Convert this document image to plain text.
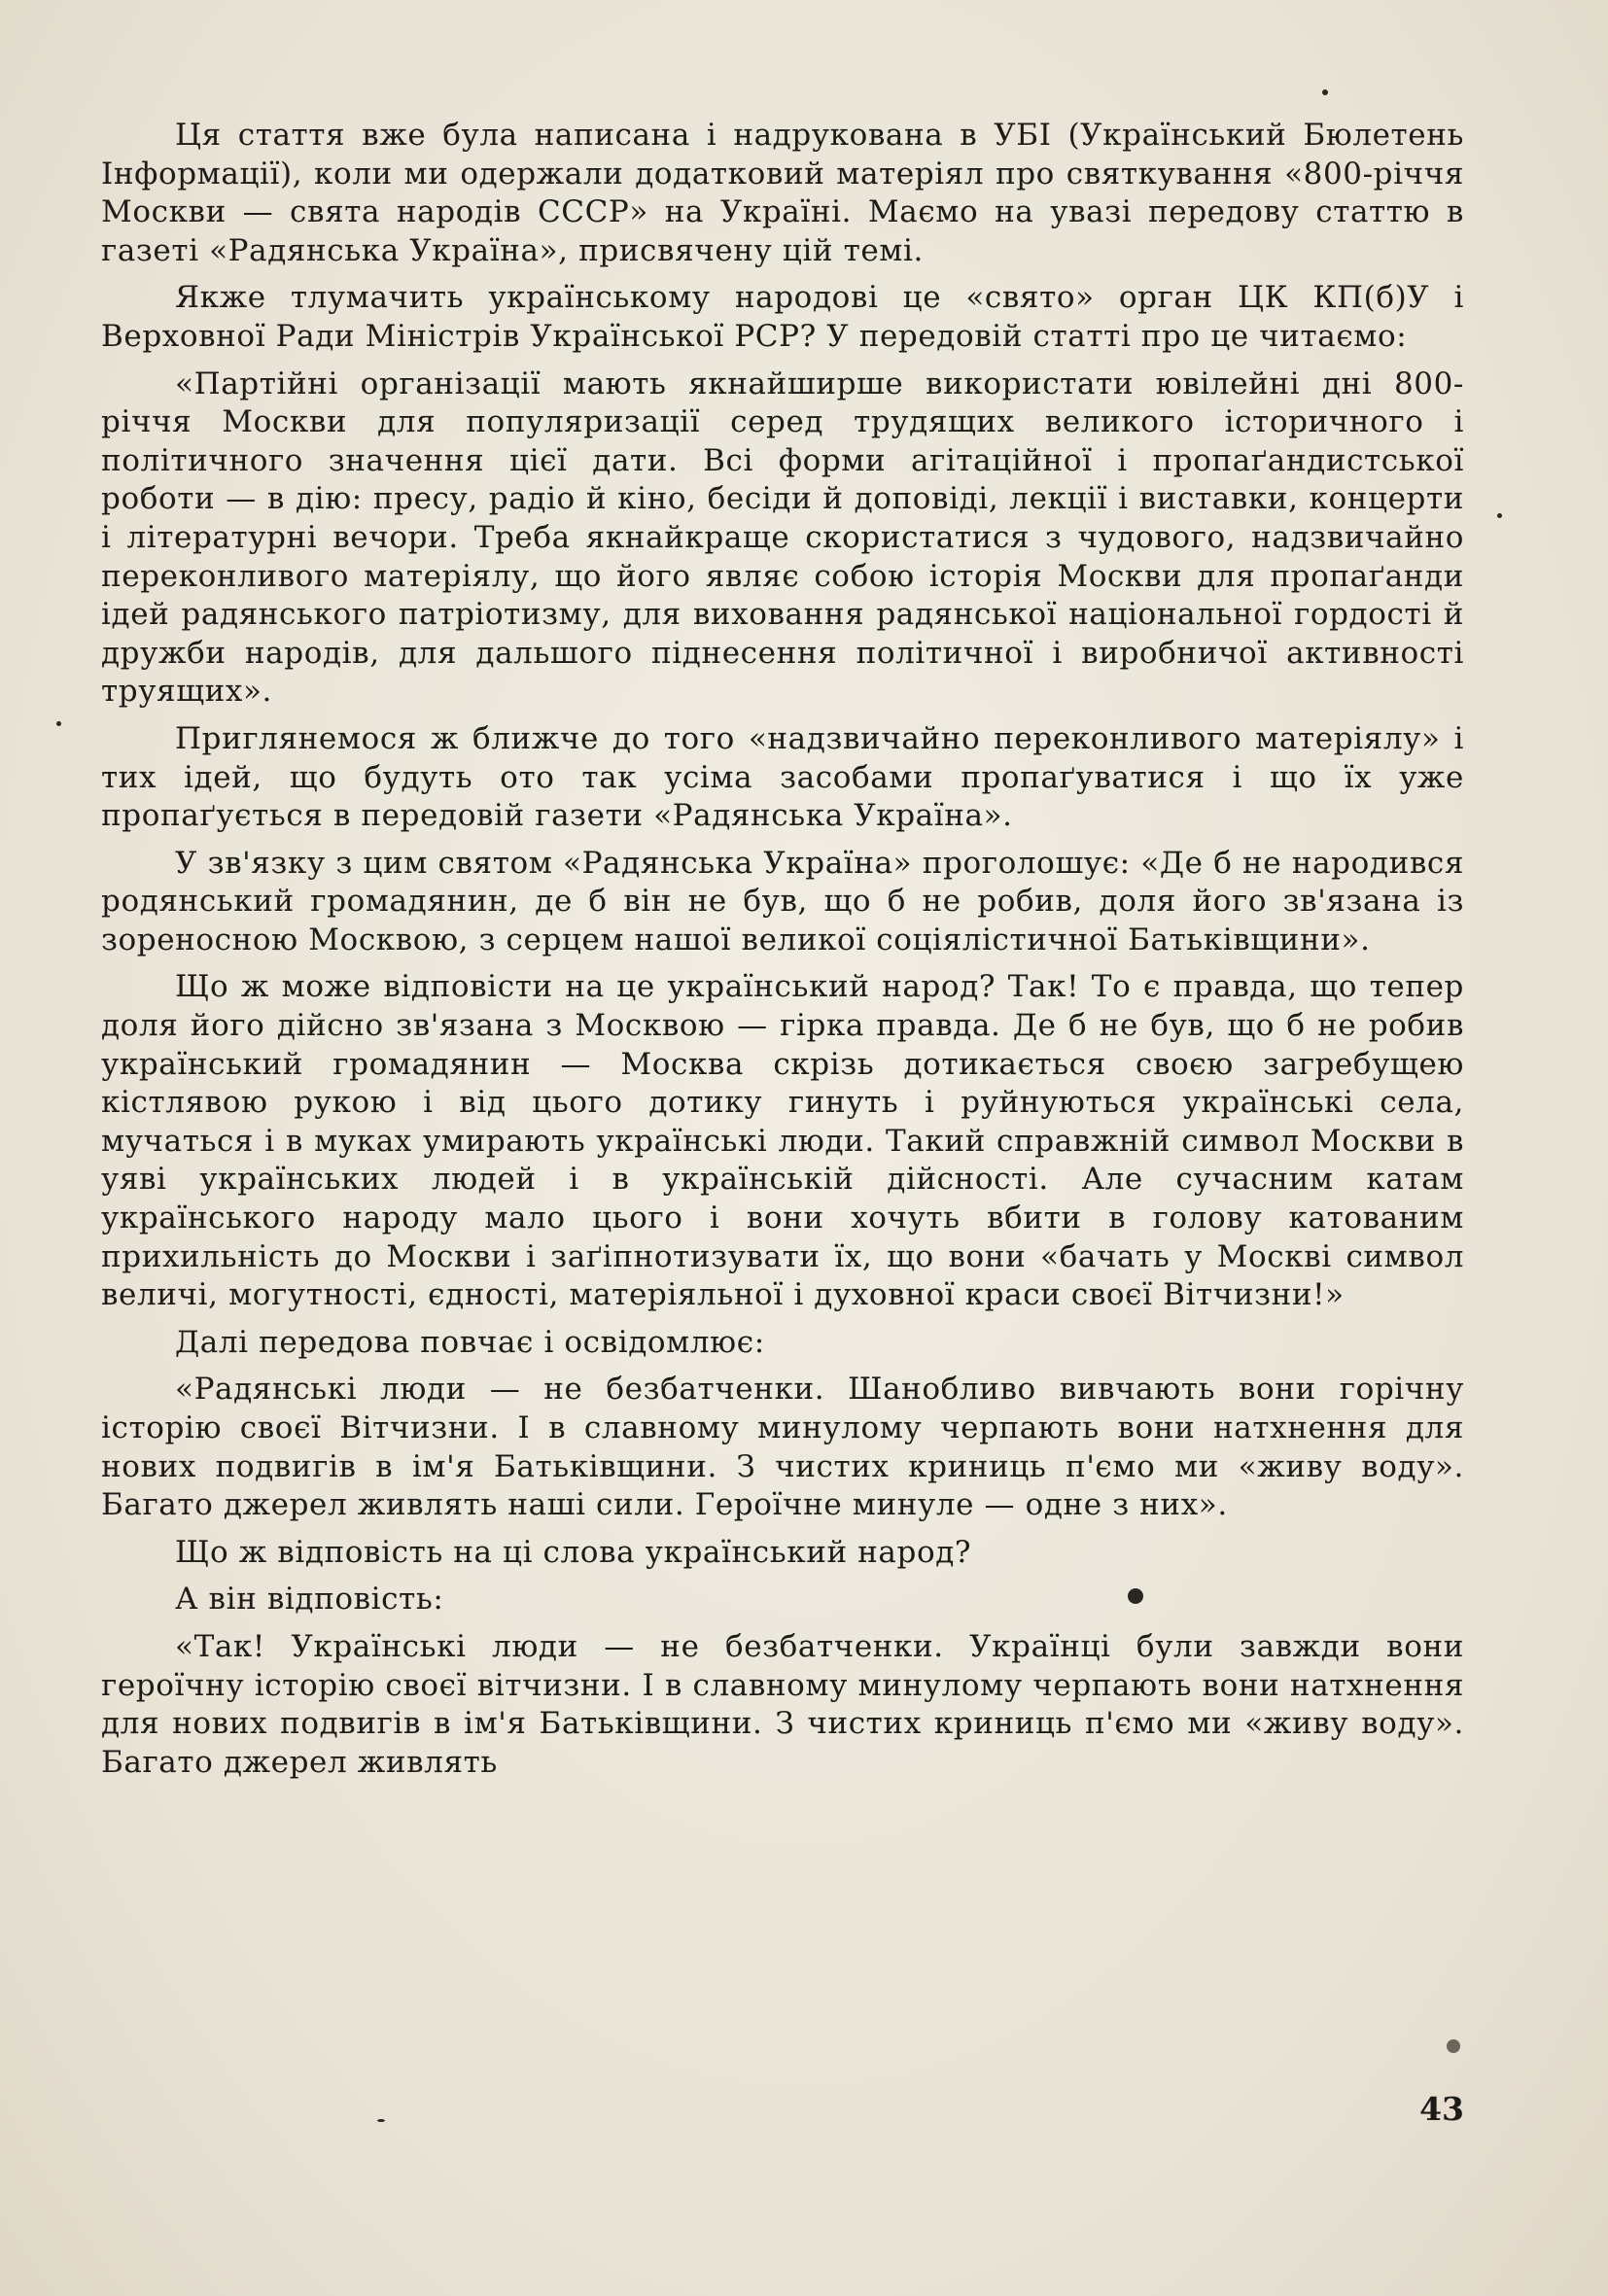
Ця стаття вже була написана і надрукована в УБІ (Український Бюлетень Інформації), коли ми одержали додатковий матеріял про святкування «800-річчя Москви — свята народів СССР» на Україні. Маємо на увазі передову статтю в газеті «Радянська Україна», присвячену цій темі.

Якже тлумачить українському народові це «свято» орган ЦК КП(б)У і Верховної Ради Міністрів Української РСР? У передовій статті про це читаємо:

«Партійні організації мають якнайширше використати ювілейні дні 800-річчя Москви для популяризації серед трудящих великого історичного і політичного значення цієї дати. Всі форми агітаційної і пропаґандистської роботи — в дію: пресу, радіо й кіно, бесіди й доповіді, лекції і виставки, концерти і літературні вечори. Треба якнайкраще скористатися з чудового, надзвичайно переконливого матеріялу, що його являє собою історія Москви для пропаґанди ідей радянського патріотизму, для виховання радянської національної гордості й дружби народів, для дальшого піднесення політичної і виробничої активності труящих».

Приглянемося ж ближче до того «надзвичайно переконливого матеріялу» і тих ідей, що будуть ото так усіма засобами пропаґуватися і що їх уже пропаґується в передовій газети «Радянська Україна».

У зв'язку з цим святом «Радянська Україна» проголошує: «Де б не народився родянський громадянин, де б він не був, що б не робив, доля його зв'язана із зореносною Москвою, з серцем нашої великої соціялістичної Батьківщини».

Що ж може відповісти на це український народ? Так! То є правда, що тепер доля його дійсно зв'язана з Москвою — гірка правда. Де б не був, що б не робив український громадянин — Москва скрізь дотикається своєю загребущею кістлявою рукою і від цього дотику гинуть і руйнуються українські села, мучаться і в муках умирають українські люди. Такий справжній символ Москви в уяві українських людей і в українській дійсності. Але сучасним катам українського народу мало цього і вони хочуть вбити в голову катованим прихильність до Москви і заґіпнотизувати їх, що вони «бачать у Москві символ величі, могутності, єдності, матеріяльної і духовної краси своєї Вітчизни!»

Далі передова повчає і освідомлює:

«Радянські люди — не безбатченки. Шанобливо вивчають вони горічну історію своєї Вітчизни. І в славному минулому черпають вони натхнення для нових подвигів в ім'я Батьківщини. З чистих криниць п'ємо ми «живу воду». Багато джерел живлять наші сили. Героїчне минуле — одне з них».

Що ж відповість на ці слова український народ?

А він відповість:

«Так! Українські люди — не безбатченки. Українці були завжди вони героїчну історію своєї вітчизни. І в славному минулому черпають вони натхнення для нових подвигів в ім'я Батьківщини. З чистих криниць п'ємо ми «живу воду». Багато джерел живлять

43
